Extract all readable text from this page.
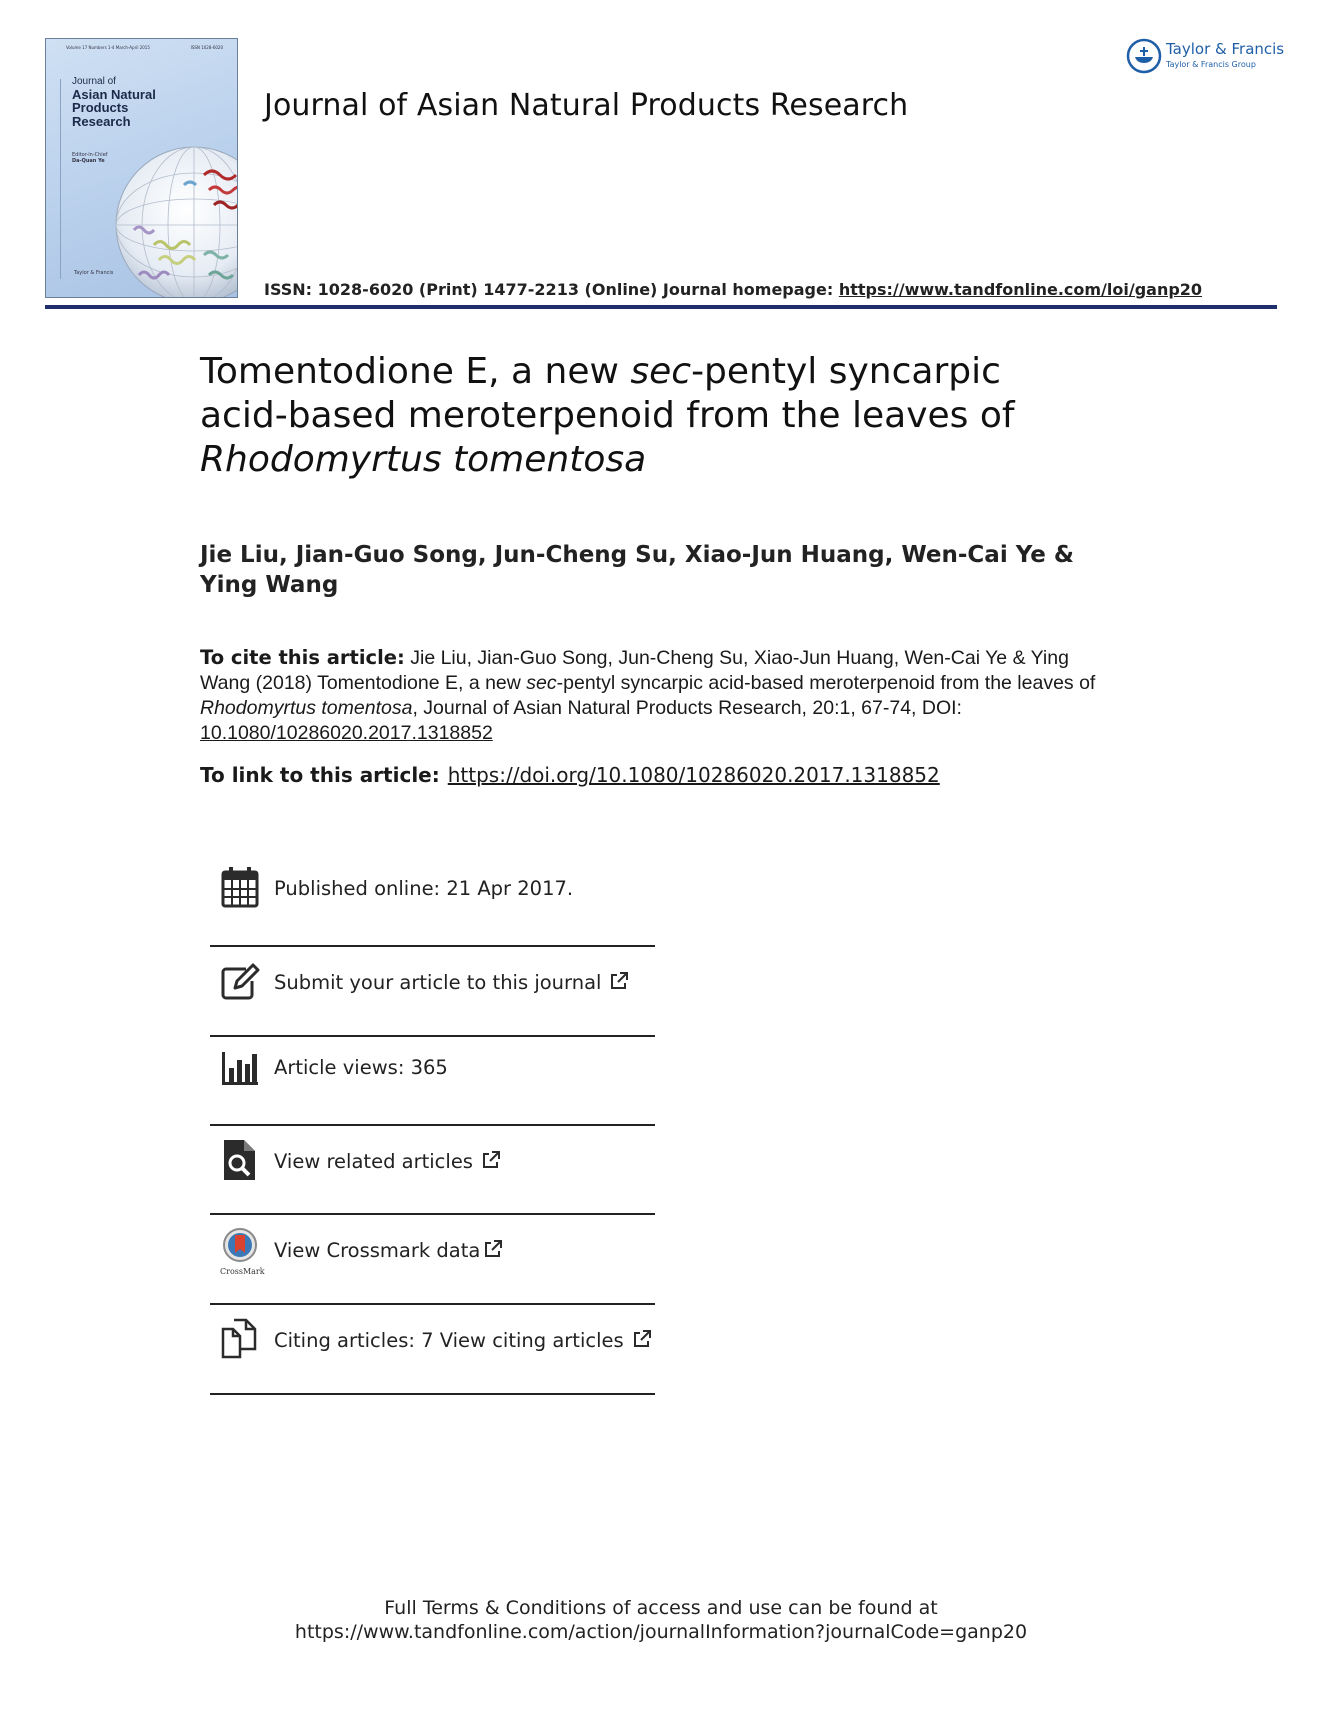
Volume 17 Numbers 1-4 March-April 2015	ISSN 1028-6020
Journal of
Asian Natural
Products
Research
Editor-in-Chief
Da-Quan Ye
Taylor & Francis
Journal of Asian Natural Products Research
Taylor & Francis
Taylor & Francis Group
ISSN: 1028-6020 (Print) 1477-2213 (Online) Journal homepage: https://www.tandfonline.com/loi/ganp20
Tomentodione E, a new sec-pentyl syncarpic acid-based meroterpenoid from the leaves of Rhodomyrtus tomentosa
Jie Liu, Jian-Guo Song, Jun-Cheng Su, Xiao-Jun Huang, Wen-Cai Ye & Ying Wang
To cite this article: Jie Liu, Jian-Guo Song, Jun-Cheng Su, Xiao-Jun Huang, Wen-Cai Ye & Ying Wang (2018) Tomentodione E, a new sec-pentyl syncarpic acid-based meroterpenoid from the leaves of Rhodomyrtus tomentosa, Journal of Asian Natural Products Research, 20:1, 67-74, DOI: 10.1080/10286020.2017.1318852
To link to this article: https://doi.org/10.1080/10286020.2017.1318852
Published online: 21 Apr 2017.
Submit your article to this journal
Article views: 365
View related articles
CrossMark
View Crossmark data
Citing articles: 7 View citing articles
Full Terms & Conditions of access and use can be found at
https://www.tandfonline.com/action/journalInformation?journalCode=ganp20
